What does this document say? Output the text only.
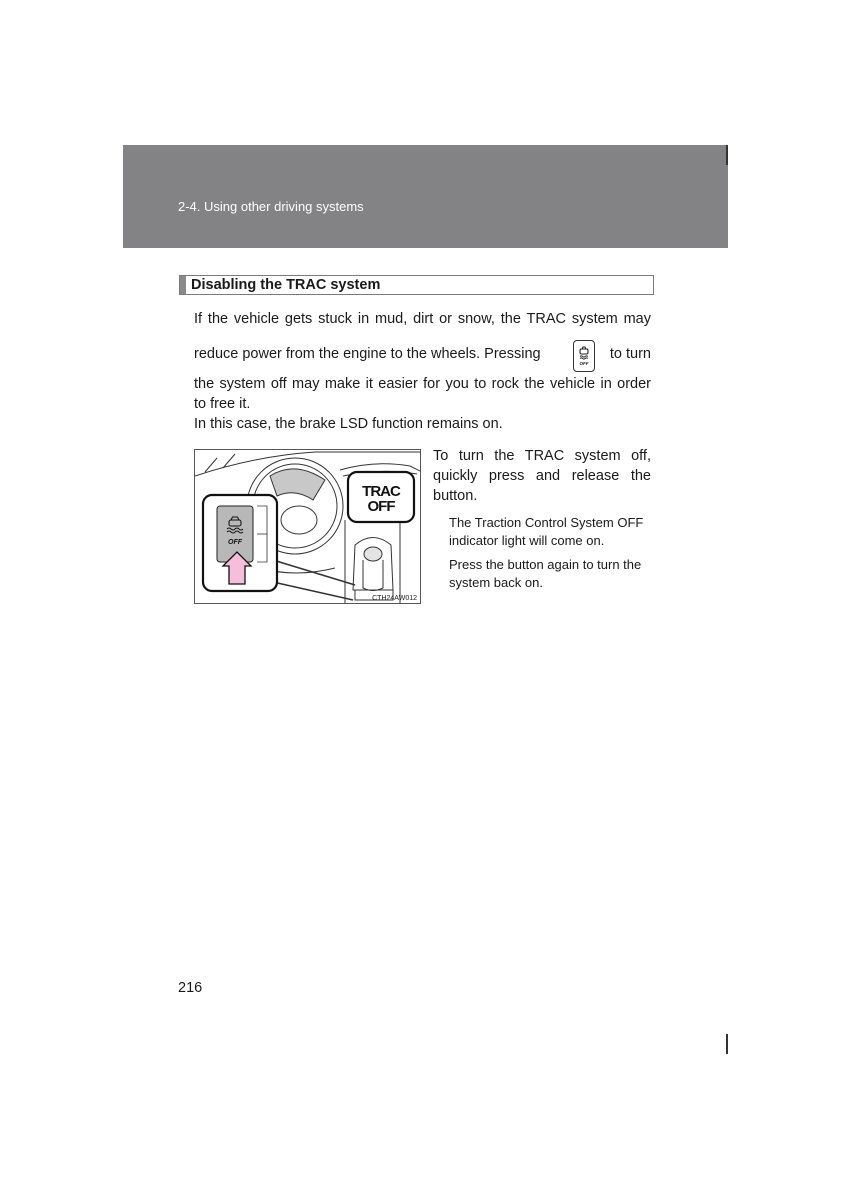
2-4. Using other driving systems
Disabling the TRAC system
If the vehicle gets stuck in mud, dirt or snow, the TRAC system may
reduce power from the engine to the wheels. Pressing
OFF
to turn
the system off may make it easier for you to rock the vehicle in order
to free it.
In this case, the brake LSD function remains on.
TRAC
OFF
OFF
CTH24AW012
To turn the TRAC system off,
quickly press and release the
button.
The Traction Control System OFF
indicator light will come on.
Press the button again to turn the
system back on.
216
